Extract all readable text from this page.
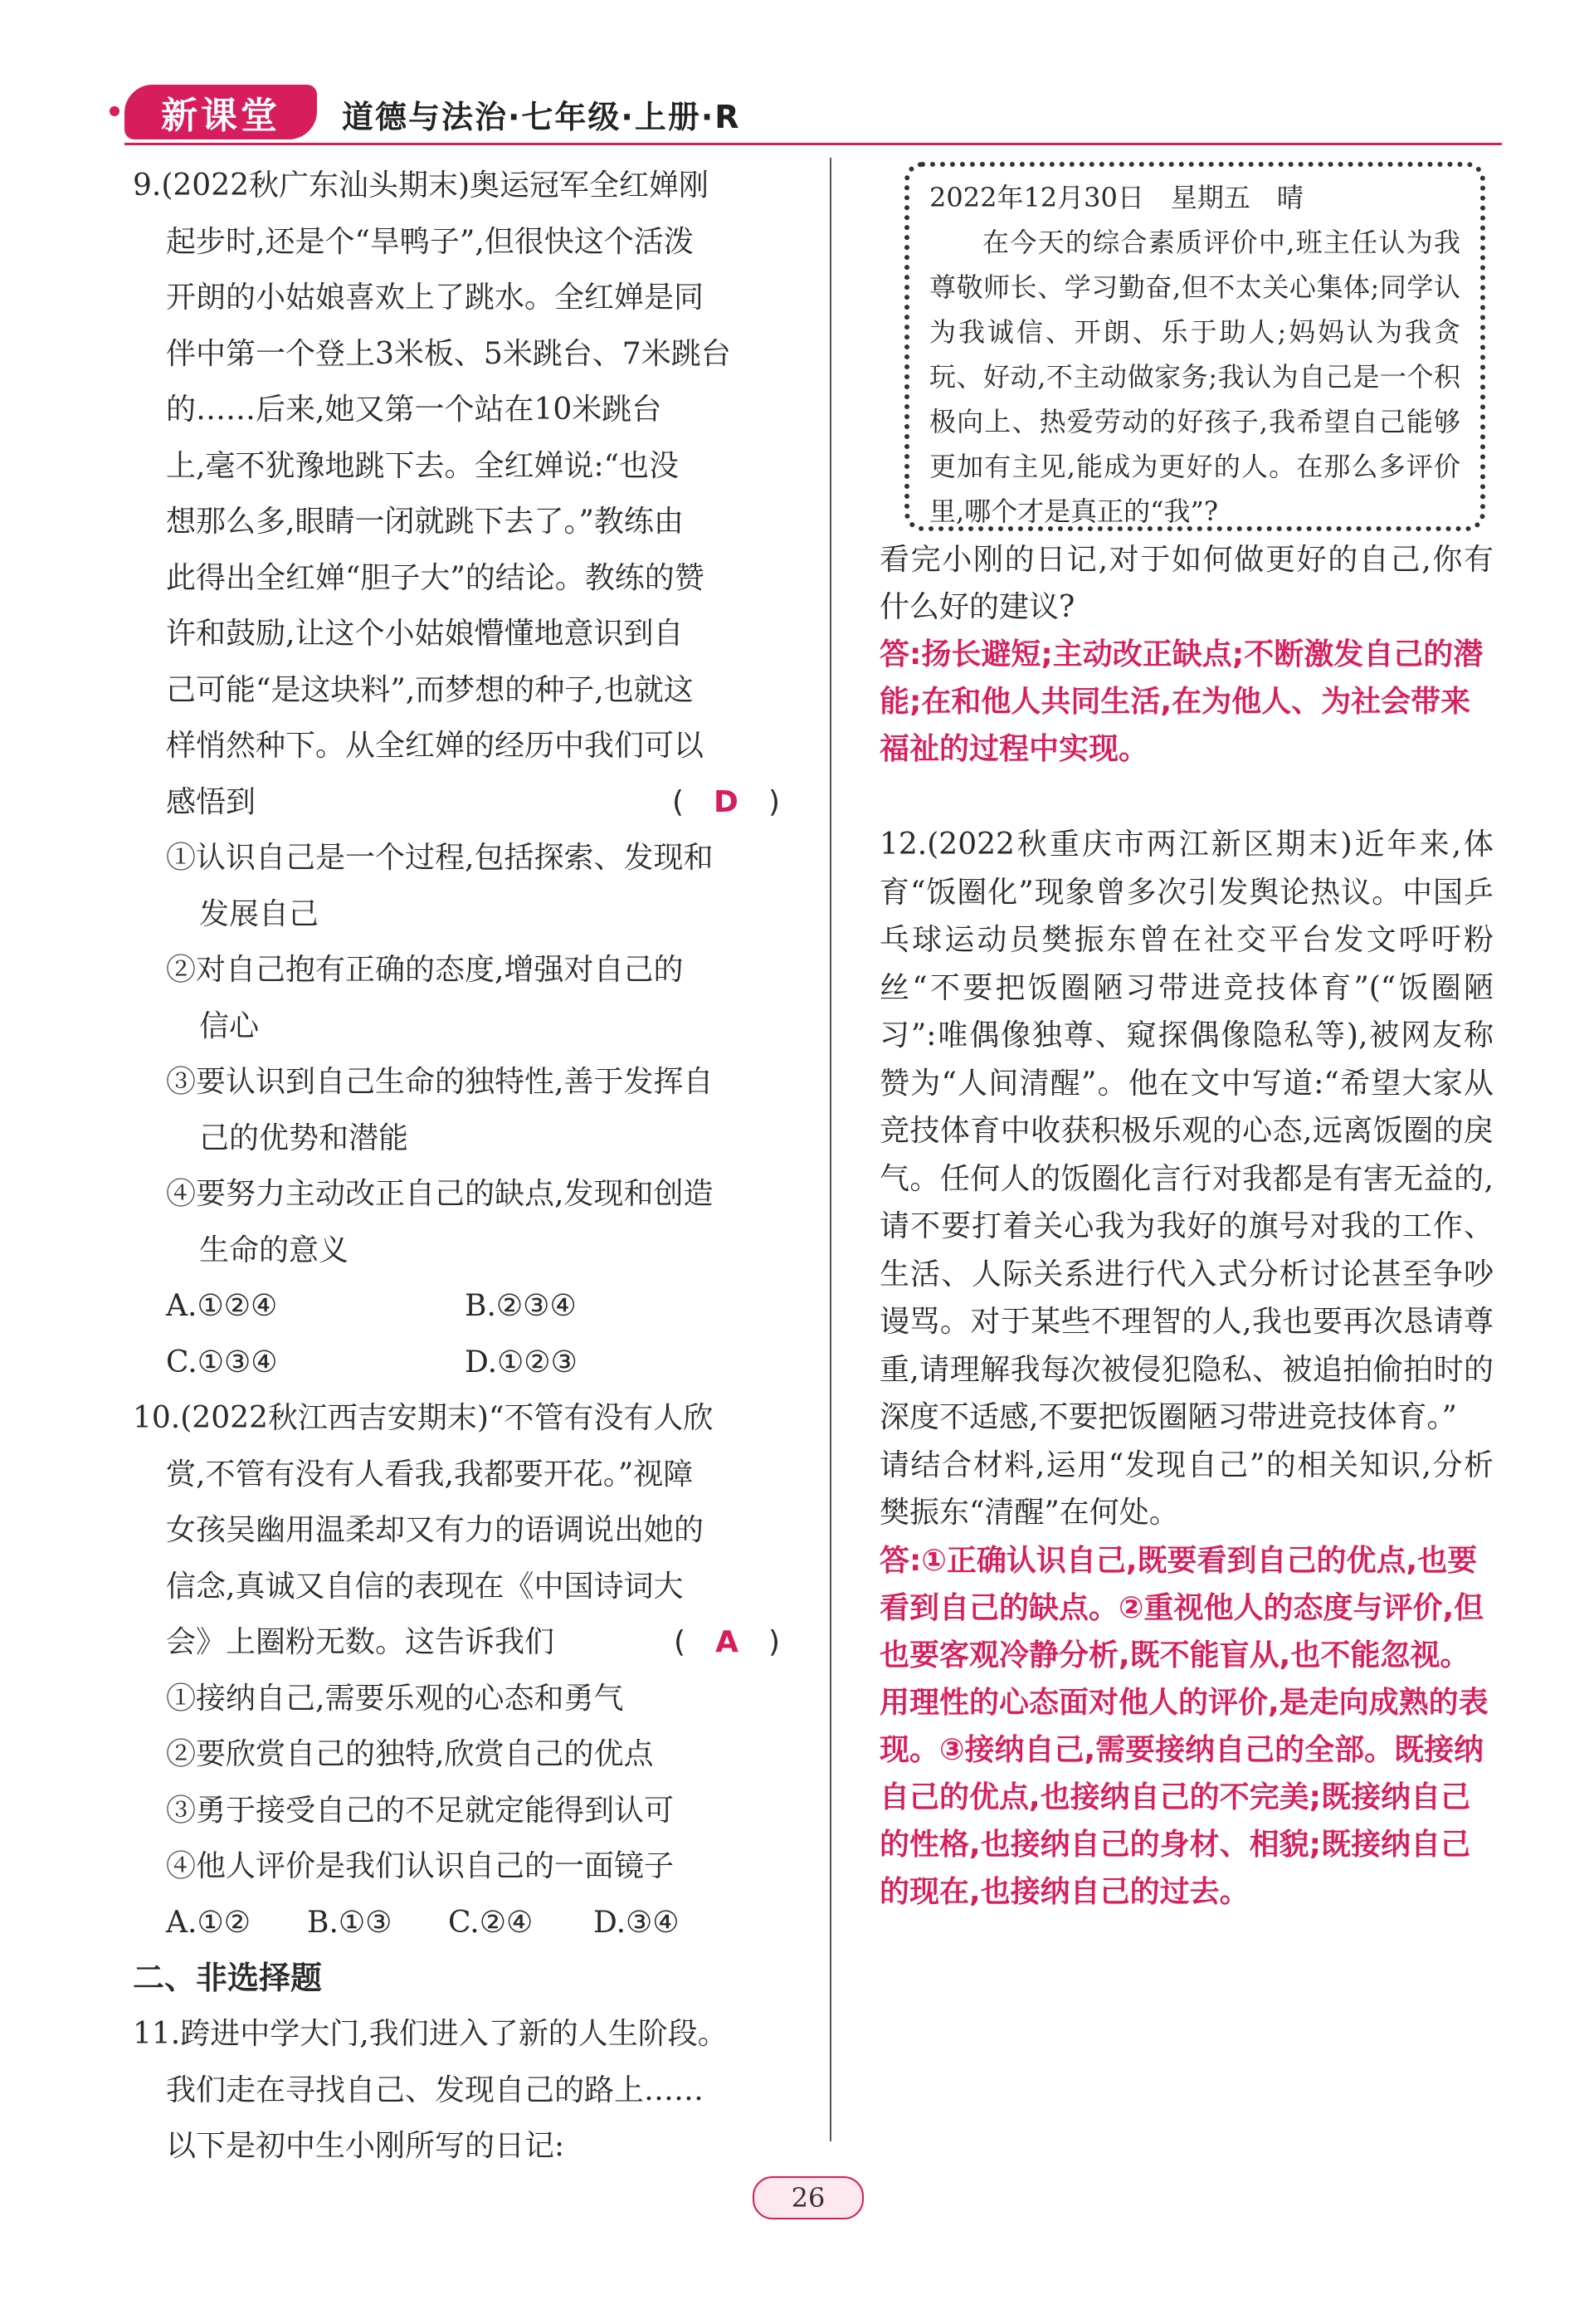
新课堂 道德与法治·七年级·上册·R
9.(2022秋广东汕头期末)奥运冠军全红婵刚
起步时,还是个“旱鸭子”,但很快这个活泼
开朗的小姑娘喜欢上了跳水。全红婵是同
伴中第一个登上3米板、5米跳台、7米跳台
的……后来,她又第一个站在10米跳台
上,毫不犹豫地跳下去。全红婵说:“也没
想那么多,眼睛一闭就跳下去了。”教练由
此得出全红婵“胆子大”的结论。教练的赞
许和鼓励,让这个小姑娘懵懂地意识到自
己可能“是这块料”,而梦想的种子,也就这
样悄然种下。从全红婵的经历中我们可以
感悟到	(　 D　 )
①认识自己是一个过程,包括探索、发现和
发展自己
②对自己抱有正确的态度,增强对自己的
信心
③要认识到自己生命的独特性,善于发挥自
己的优势和潜能
④要努力主动改正自己的缺点,发现和创造
生命的意义
A.①②④	B.②③④
C.①③④	D.①②③
10.(2022秋江西吉安期末)“不管有没有人欣
赏,不管有没有人看我,我都要开花。”视障
女孩吴幽用温柔却又有力的语调说出她的
信念,真诚又自信的表现在《中国诗词大
会》上圈粉无数。这告诉我们	(　 A　 )
①接纳自己,需要乐观的心态和勇气
②要欣赏自己的独特,欣赏自己的优点
③勇于接受自己的不足就定能得到认可
④他人评价是我们认识自己的一面镜子
A.①②	B.①③	C.②④	D.③④
二、非选择题
11.跨进中学大门,我们进入了新的人生阶段。
我们走在寻找自己、发现自己的路上……
以下是初中生小刚所写的日记:
2022年12月30日　星期五　晴
在今天的综合素质评价中,班主任认为我尊敬师长、学习勤奋,但不太关心集体;同学认为我诚信、开朗、乐于助人;妈妈认为我贪玩、好动,不主动做家务;我认为自己是一个积极向上、热爱劳动的好孩子,我希望自己能够更加有主见,能成为更好的人。在那么多评价里,哪个才是真正的“我”?
看完小刚的日记,对于如何做更好的自己,你有什么好的建议?
答:扬长避短;主动改正缺点;不断激发自己的潜能;在和他人共同生活,在为他人、为社会带来福祉的过程中实现。
12.(2022秋重庆市两江新区期末)近年来,体育“饭圈化”现象曾多次引发舆论热议。中国乒乓球运动员樊振东曾在社交平台发文呼吁粉丝“不要把饭圈陋习带进竞技体育”(“饭圈陋习”:唯偶像独尊、窥探偶像隐私等),被网友称赞为“人间清醒”。他在文中写道:“希望大家从竞技体育中收获积极乐观的心态,远离饭圈的戾气。任何人的饭圈化言行对我都是有害无益的,请不要打着关心我为我好的旗号对我的工作、生活、人际关系进行代入式分析讨论甚至争吵谩骂。对于某些不理智的人,我也要再次恳请尊重,请理解我每次被侵犯隐私、被追拍偷拍时的深度不适感,不要把饭圈陋习带进竞技体育。”
请结合材料,运用“发现自己”的相关知识,分析樊振东“清醒”在何处。
答:①正确认识自己,既要看到自己的优点,也要看到自己的缺点。②重视他人的态度与评价,但也要客观冷静分析,既不能盲从,也不能忽视。用理性的心态面对他人的评价,是走向成熟的表现。③接纳自己,需要接纳自己的全部。既接纳自己的优点,也接纳自己的不完美;既接纳自己的性格,也接纳自己的身材、相貌;既接纳自己的现在,也接纳自己的过去。
26
